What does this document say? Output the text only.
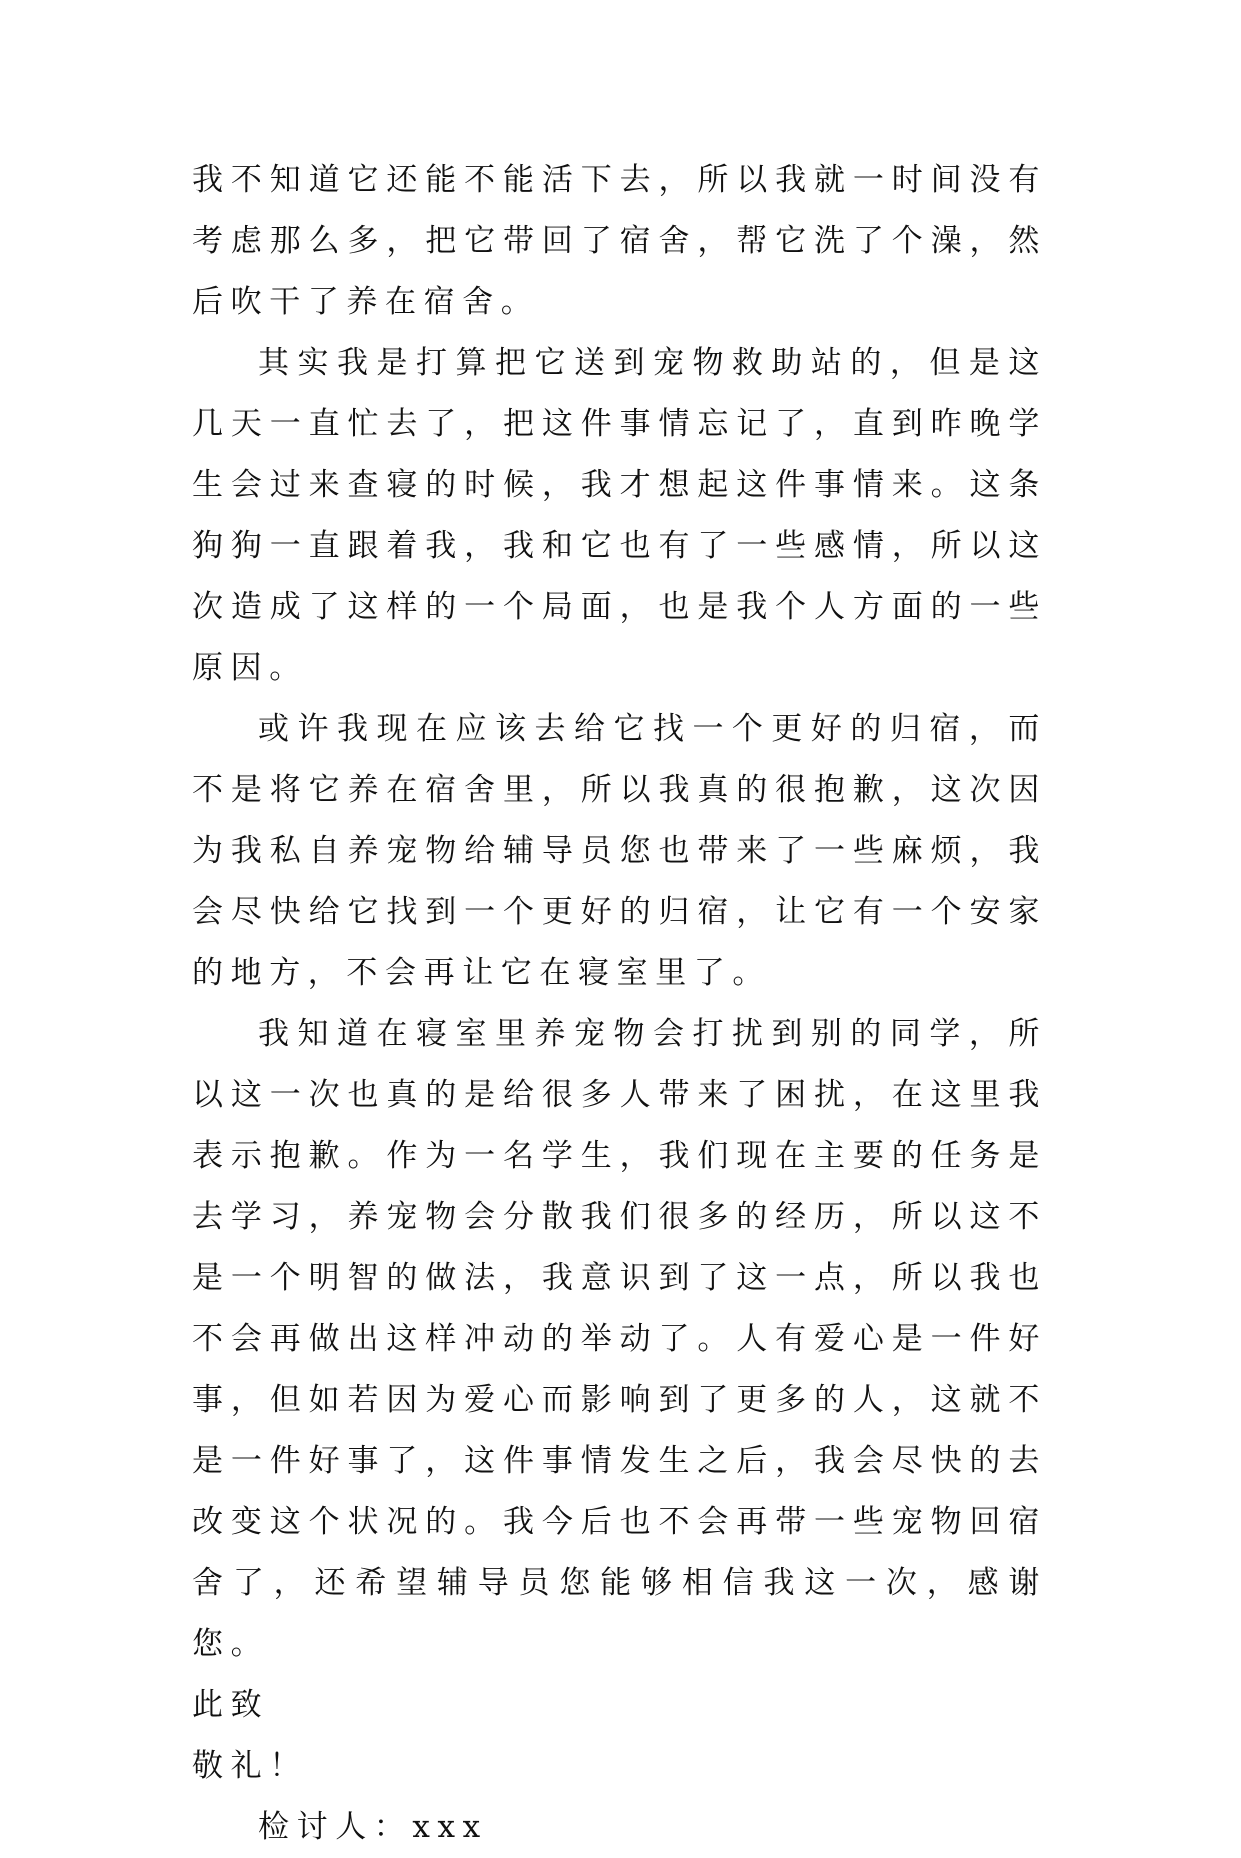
我不知道它还能不能活下去，所以我就一时间没有考虑那么多，把它带回了宿舍，帮它洗了个澡，然后吹干了养在宿舍。

其实我是打算把它送到宠物救助站的，但是这几天一直忙去了，把这件事情忘记了，直到昨晚学生会过来查寝的时候，我才想起这件事情来。这条狗狗一直跟着我，我和它也有了一些感情，所以这次造成了这样的一个局面，也是我个人方面的一些原因。

或许我现在应该去给它找一个更好的归宿，而不是将它养在宿舍里，所以我真的很抱歉，这次因为我私自养宠物给辅导员您也带来了一些麻烦，我会尽快给它找到一个更好的归宿，让它有一个安家的地方，不会再让它在寝室里了。

我知道在寝室里养宠物会打扰到别的同学，所以这一次也真的是给很多人带来了困扰，在这里我表示抱歉。作为一名学生，我们现在主要的任务是去学习，养宠物会分散我们很多的经历，所以这不是一个明智的做法，我意识到了这一点，所以我也不会再做出这样冲动的举动了。人有爱心是一件好事，但如若因为爱心而影响到了更多的人，这就不是一件好事了，这件事情发生之后，我会尽快的去改变这个状况的。我今后也不会再带一些宠物回宿舍了，还希望辅导员您能够相信我这一次，感谢您。

此致

敬礼！

检讨人：xxx
